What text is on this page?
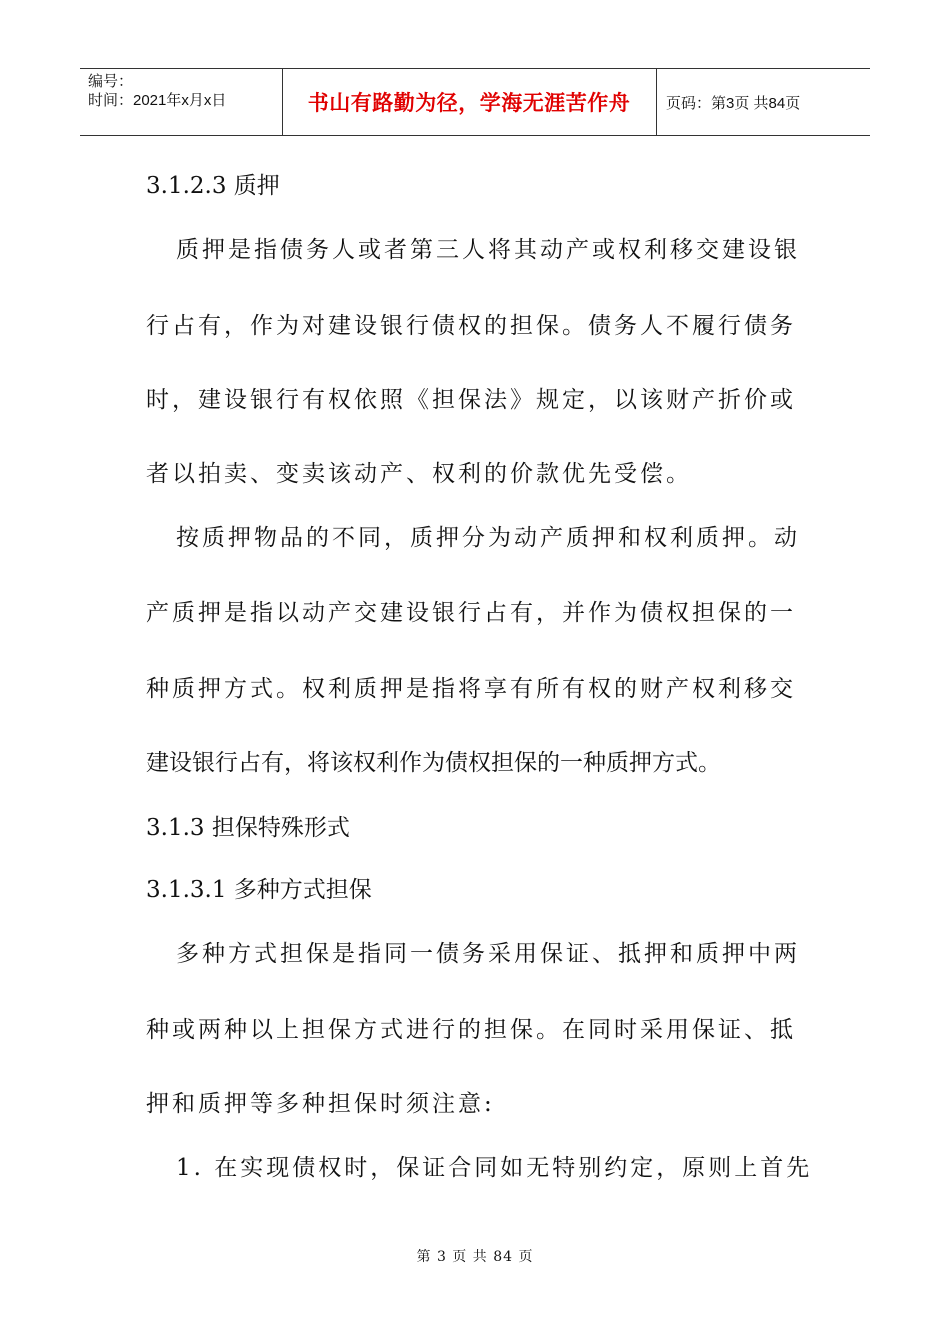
编号：
时间：2021年x月x日	书山有路勤为径，学海无涯苦作舟	页码：第3页 共84页
3.1.2.3 质押
质押是指债务人或者第三人将其动产或权利移交建设银
行占有，作为对建设银行债权的担保。债务人不履行债务
时，建设银行有权依照《担保法》规定，以该财产折价或
者以拍卖、变卖该动产、权利的价款优先受偿。
按质押物品的不同，质押分为动产质押和权利质押。动
产质押是指以动产交建设银行占有，并作为债权担保的一
种质押方式。权利质押是指将享有所有权的财产权利移交
建设银行占有，将该权利作为债权担保的一种质押方式。
3.1.3 担保特殊形式
3.1.3.1 多种方式担保
多种方式担保是指同一债务采用保证、抵押和质押中两
种或两种以上担保方式进行的担保。在同时采用保证、抵
押和质押等多种担保时须注意:
1. 在实现债权时，保证合同如无特别约定，原则上首先
第 3 页 共 84 页
